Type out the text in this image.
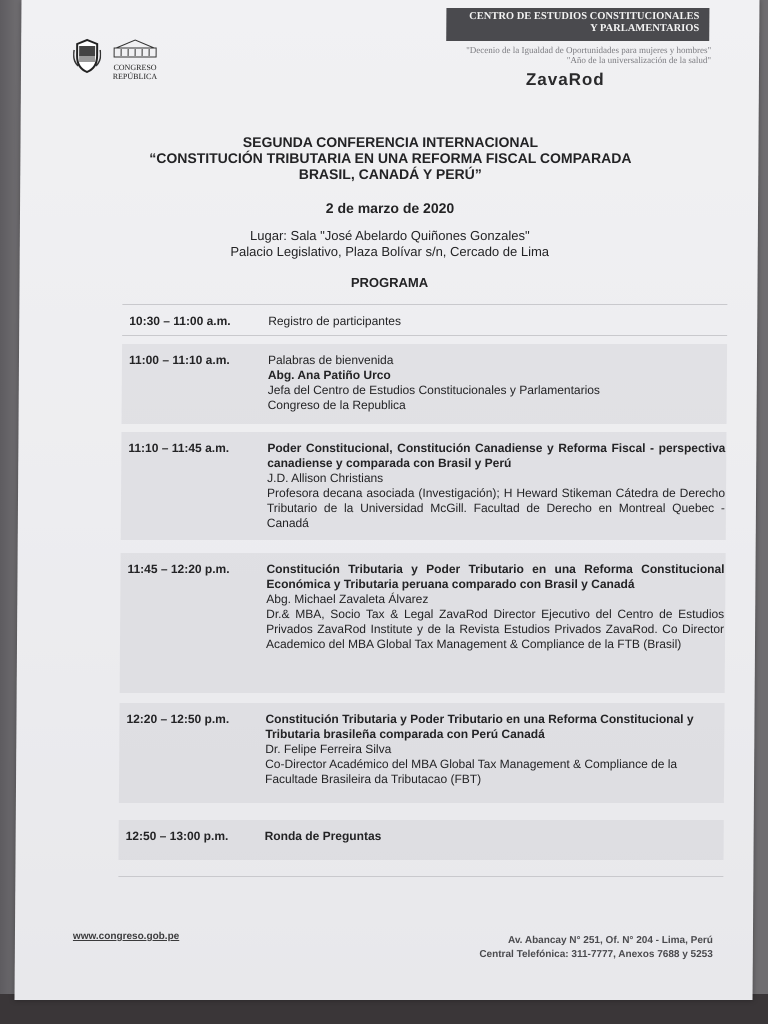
CONGRESO
REPÚBLICA
CENTRO DE ESTUDIOS CONSTITUCIONALES
Y PARLAMENTARIOS
"Decenio de la Igualdad de Oportunidades para mujeres y hombres"
"Año de la universalización de la salud"
ZavaRod
SEGUNDA CONFERENCIA INTERNACIONAL
“CONSTITUCIÓN TRIBUTARIA EN UNA REFORMA FISCAL COMPARADA
BRASIL, CANADÁ Y PERÚ”
2 de marzo de 2020
Lugar: Sala "José Abelardo Quiñones Gonzales"
Palacio Legislativo, Plaza Bolívar s/n, Cercado de Lima
PROGRAMA
10:30 – 11:00 a.m.	Registro de participantes
11:00 – 11:10 a.m.	Palabras de bienvenida
Abg. Ana Patiño Urco
Jefa del Centro de Estudios Constitucionales y Parlamentarios
Congreso de la Republica
11:10 – 11:45 a.m.	Poder Constitucional, Constitución Canadiense y Reforma Fiscal - perspectiva canadiense y comparada con Brasil y Perú
J.D. Allison Christians
Profesora decana asociada (Investigación); H Heward Stikeman Cátedra de Derecho Tributario de la Universidad McGill. Facultad de Derecho en Montreal Quebec - Canadá
11:45 – 12:20 p.m.	Constitución Tributaria y Poder Tributario en una Reforma Constitucional Económica y Tributaria peruana comparado con Brasil y Canadá
Abg. Michael Zavaleta Álvarez
Dr.& MBA, Socio Tax & Legal ZavaRod Director Ejecutivo del Centro de Estudios Privados ZavaRod Institute y de la Revista Estudios Privados ZavaRod. Co Director Academico del MBA Global Tax Management & Compliance de la FTB (Brasil)
12:20 – 12:50 p.m.	Constitución Tributaria y Poder Tributario en una Reforma Constitucional y Tributaria brasileña comparada con Perú Canadá
Dr. Felipe Ferreira Silva
Co-Director Académico del MBA Global Tax Management & Compliance de la Facultade Brasileira da Tributacao (FBT)
12:50 – 13:00 p.m.	Ronda de Preguntas
www.congreso.gob.pe	Av. Abancay N° 251, Of. N° 204 - Lima, Perú
Central Telefónica: 311-7777, Anexos 7688 y 5253
